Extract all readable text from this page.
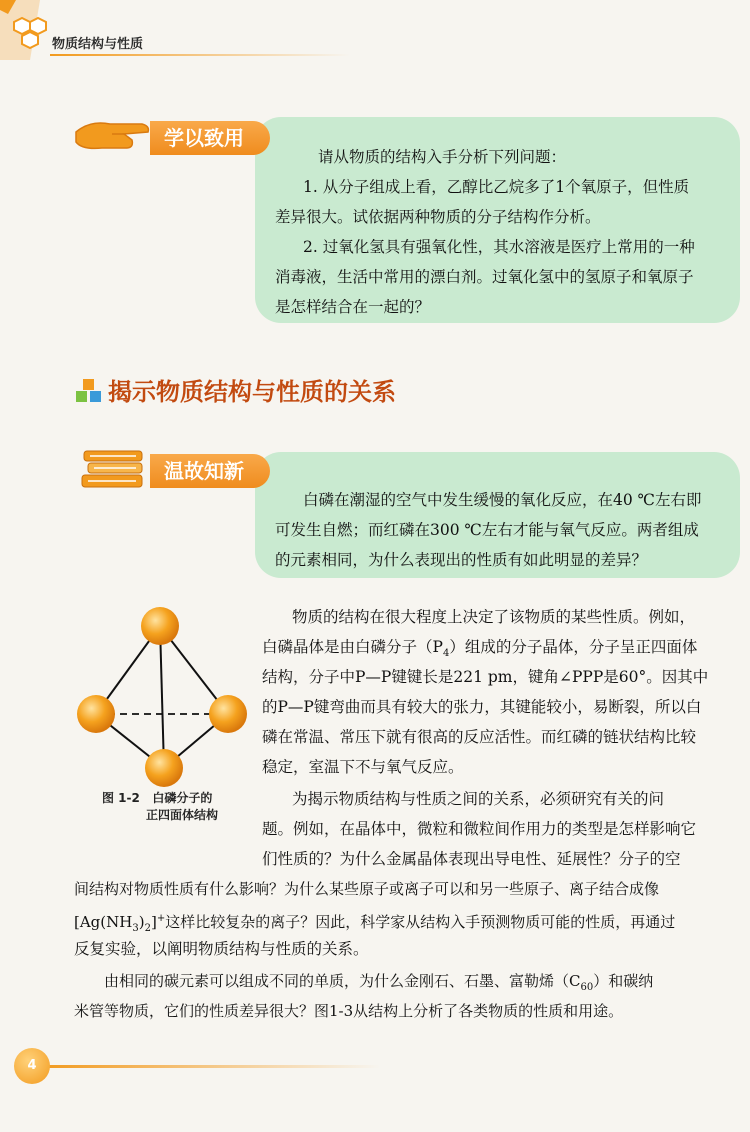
物质结构与性质
学以致用
请从物质的结构入手分析下列问题：
1. 从分子组成上看，乙醇比乙烷多了1个氧原子，但性质
差异很大。试依据两种物质的分子结构作分析。
2. 过氧化氢具有强氧化性，其水溶液是医疗上常用的一种
消毒液，生活中常用的漂白剂。过氧化氢中的氢原子和氧原子
是怎样结合在一起的？
揭示物质结构与性质的关系
温故知新
白磷在潮湿的空气中发生缓慢的氧化反应，在40 ℃左右即
可发生自燃；而红磷在300 ℃左右才能与氧气反应。两者组成
的元素相同，为什么表现出的性质有如此明显的差异？
图 1-2 白磷分子的
正四面体结构
物质的结构在很大程度上决定了该物质的某些性质。例如，
白磷晶体是由白磷分子$(P_4)$组成的分子晶体，分子呈正四面体
结构，分子中P—P键键长是221 pm，键角∠PPP是60°。因其中
的P—P键弯曲而具有较大的张力，其键能较小，易断裂，所以白
磷在常温、常压下就有很高的反应活性。而红磷的链状结构比较
稳定，室温下不与氧气反应。
为揭示物质结构与性质之间的关系，必须研究有关的问
题。例如，在晶体中，微粒和微粒间作用力的类型是怎样影响它
们性质的？为什么金属晶体表现出导电性、延展性？分子的空
间结构对物质性质有什么影响？为什么某些原子或离子可以和另一些原子、离子结合成像
$[Ag(NH_3)_2]^+$这样比较复杂的离子？因此，科学家从结构入手预测物质可能的性质，再通过
反复实验，以阐明物质结构与性质的关系。
由相同的碳元素可以组成不同的单质，为什么金刚石、石墨、富勒烯$(C_{60})$和碳纳
米管等物质，它们的性质差异很大？图1-3从结构上分析了各类物质的性质和用途。
4
